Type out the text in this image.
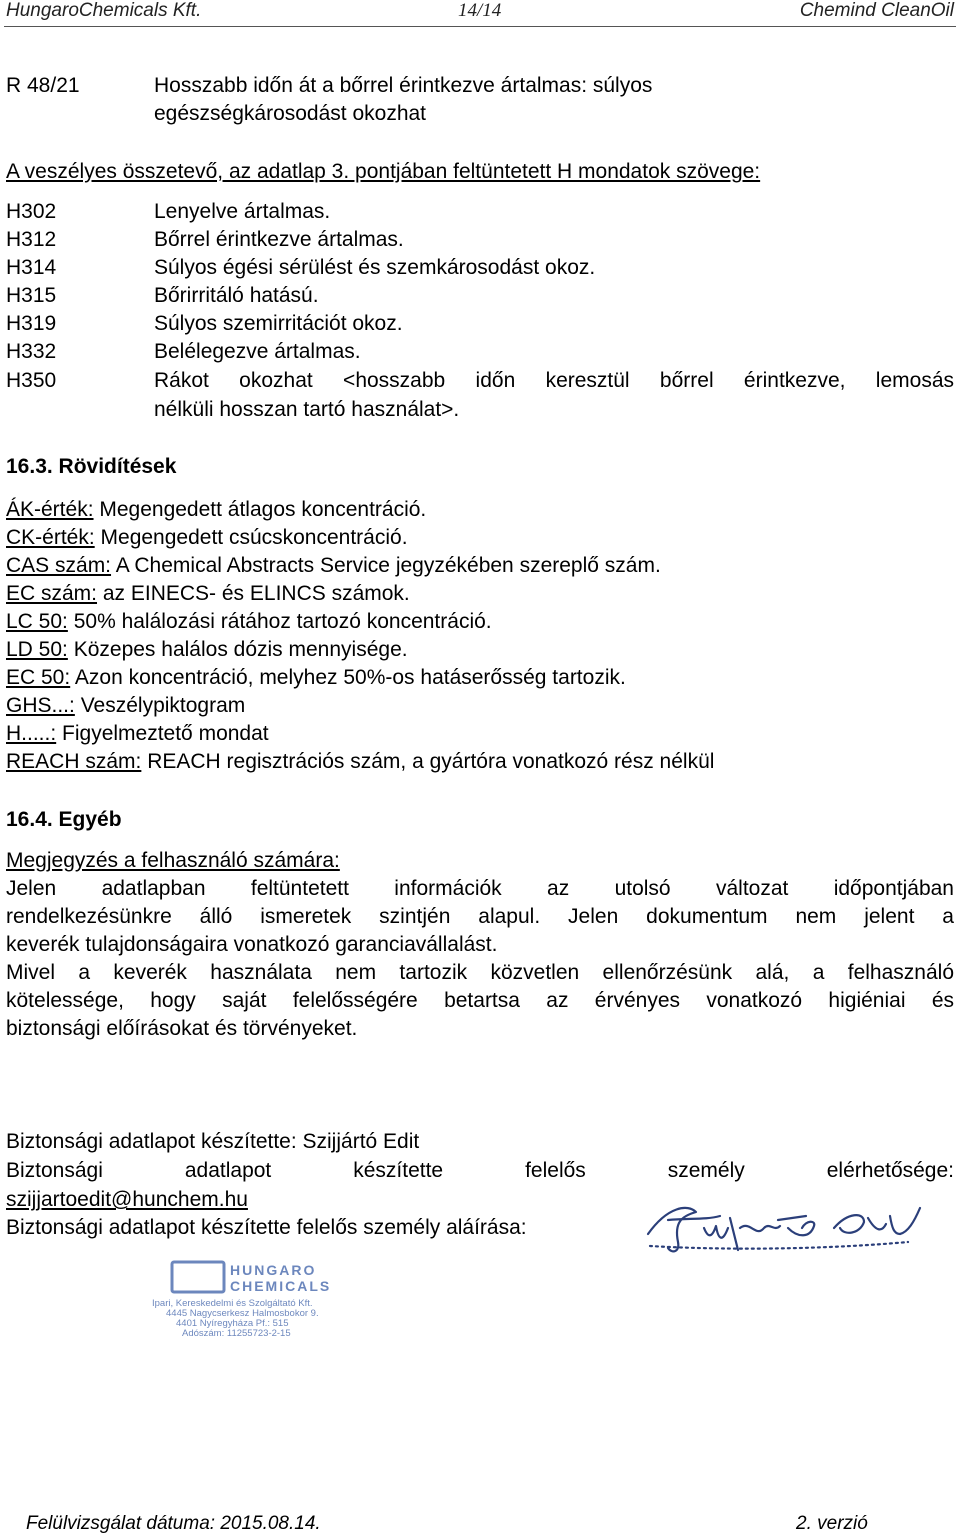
HungaroChemicals Kft.	14/14	Chemind CleanOil
R 48/21	Hosszabb időn át a bőrrel érintkezve ártalmas: súlyos
egészségkárosodást okozhat
A veszélyes összetevő, az adatlap 3. pontjában feltüntetett H mondatok szövege:
H302	Lenyelve ártalmas.
H312	Bőrrel érintkezve ártalmas.
H314	Súlyos égési sérülést és szemkárosodást okoz.
H315	Bőrirritáló hatású.
H319	Súlyos szemirritációt okoz.
H332	Belélegezve ártalmas.
H350	Rákot okozhat <hosszabb időn keresztül bőrrel érintkezve, lemosás
nélküli hosszan tartó használat>.
16.3. Rövidítések
ÁK-érték: Megengedett átlagos koncentráció.
CK-érték: Megengedett csúcskoncentráció.
CAS szám: A Chemical Abstracts Service jegyzékében szereplő szám.
EC szám: az EINECS- és ELINCS számok.
LC 50: 50% halálozási rátához tartozó koncentráció.
LD 50: Közepes halálos dózis mennyisége.
EC 50: Azon koncentráció, melyhez 50%-os hatáserősség tartozik.
GHS...: Veszélypiktogram
H.....: Figyelmeztető mondat
REACH szám: REACH regisztrációs szám, a gyártóra vonatkozó rész nélkül
16.4. Egyéb
Megjegyzés a felhasználó számára:
Jelen adatlapban feltüntetett információk az utolsó változat időpontjában
rendelkezésünkre álló ismeretek szintjén alapul. Jelen dokumentum nem jelent a
keverék tulajdonságaira vonatkozó garanciavállalást.
Mivel a keverék használata nem tartozik közvetlen ellenőrzésünk alá, a felhasználó
kötelessége, hogy saját felelősségére betartsa az érvényes vonatkozó higiéniai és
biztonsági előírásokat és törvényeket.
Biztonsági adatlapot készítette: Szijjártó Edit
Biztonsági adatlapot készítette felelős személy elérhetősége:
szijjartoedit@hunchem.hu
Biztonsági adatlapot készítette felelős személy aláírása:
HUNGARO
CHEMICALS
Ipari, Kereskedelmi és Szolgáltató Kft.
4445 Nagycserkesz Halmosbokor 9.
4401 Nyíregyháza Pf.: 515
Adószám: 11255723-2-15
Felülvizsgálat dátuma: 2015.08.14.	2. verzió
